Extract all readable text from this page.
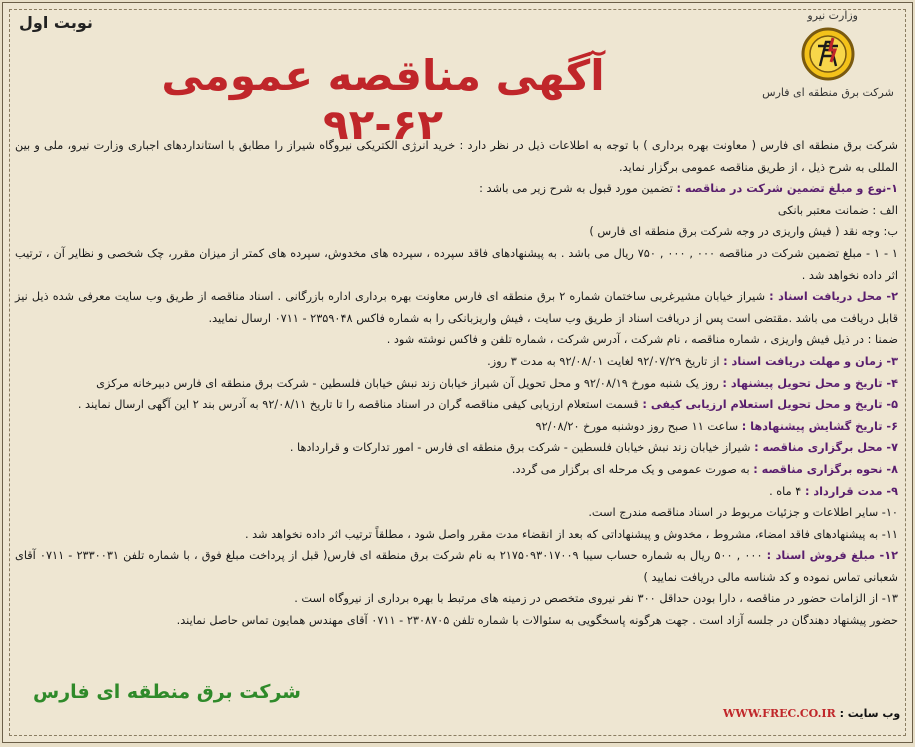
نوبت اول
آگهی مناقصه عمومی ۶۲-۹۲
وزارت نیرو
شرکت برق منطقه ای فارس

شرکت برق منطقه ای فارس ( معاونت بهره برداری ) با توجه به اطلاعات ذیل در نظر دارد : خرید انرژی الکتریکی نیروگاه شیراز را مطابق با استانداردهای اجباری وزارت نیرو، ملی و بین المللی به شرح ذیل ، از طریق مناقصه عمومی برگزار نماید.

۱-نوع و مبلغ تضمین شرکت در مناقصه : تضمین مورد قبول به شرح زیر می باشد :

الف : ضمانت معتبر بانکی

ب: وجه نقد ( فیش واریزی در وجه شرکت برق منطقه ای فارس )

۱ - ۱ - مبلغ تضمین شرکت در مناقصه ۰۰۰ , ۰۰۰ , ۷۵۰ ریال می باشد . به پیشنهادهای فاقد سپرده ، سپرده های مخدوش، سپرده های کمتر از میزان مقرر، چک شخصی و نظایر آن ، ترتیب اثر داده نخواهد شد .

۲- محل دریافت اسناد : شیراز خیابان مشیرغربی ساختمان شماره ۲ برق منطقه ای فارس معاونت بهره برداری اداره بازرگانی . اسناد مناقصه از طریق وب سایت معرفی شده ذیل نیز قابل دریافت می باشد .مقتضی است پس از دریافت اسناد از طریق وب سایت ، فیش واریزبانکی را به شماره فاکس ۲۳۵۹۰۴۸ - ۰۷۱۱ ارسال نمایید.

ضمنا : در ذیل فیش واریزی ، شماره مناقصه ، نام شرکت ، آدرس شرکت ، شماره تلفن و فاکس نوشته شود .

۳- زمان و مهلت دریافت اسناد : از تاریخ ۹۲/۰۷/۲۹ لغایت ۹۲/۰۸/۰۱ به مدت ۳ روز.

۴- تاریخ و محل تحویل پیشنهاد : روز یک شنبه مورخ ۹۲/۰۸/۱۹ و محل تحویل آن شیراز خیابان زند نبش خیابان فلسطین - شرکت برق منطقه ای فارس دبیرخانه مرکزی

۵- تاریخ و محل تحویل استعلام ارزیابی کیفی : قسمت استعلام ارزیابی کیفی مناقصه گران در اسناد مناقصه را تا تاریخ ۹۲/۰۸/۱۱ به آدرس بند ۲ این آگهی ارسال نمایند .

۶- تاریخ گشایش پیشنهادها : ساعت ۱۱ صبح روز دوشنبه مورخ ۹۲/۰۸/۲۰

۷- محل برگزاری مناقصه : شیراز خیابان زند نبش خیابان فلسطین - شرکت برق منطقه ای فارس - امور تدارکات و قراردادها .

۸- نحوه برگزاری مناقصه : به صورت عمومی و یک مرحله ای برگزار می گردد.

۹- مدت قرارداد : ۴ ماه .

۱۰- سایر اطلاعات و جزئیات مربوط در اسناد مناقصه مندرج است.

۱۱- به پیشنهادهای فاقد امضاء، مشروط ، مخدوش و پیشنهاداتی که بعد از انقضاء مدت مقرر واصل شود ، مطلقاً ترتیب اثر داده نخواهد شد .

۱۲- مبلغ فروش اسناد : ۰۰۰ , ۵۰۰ ریال به شماره حساب سیبا ۲۱۷۵۰۹۳۰۱۷۰۰۹ به نام شرکت برق منطقه ای فارس( قبل از پرداخت مبلغ فوق ، با شماره تلفن ۲۳۳۰۰۳۱ - ۰۷۱۱ آقای شعبانی تماس نموده و کد شناسه مالی دریافت نمایید )

۱۳- از الزامات حضور در مناقصه ، دارا بودن حداقل ۳۰۰ نفر نیروی متخصص در زمینه های مرتبط با بهره برداری از نیروگاه است .

حضور پیشنهاد دهندگان در جلسه آزاد است . جهت هرگونه پاسخگویی به سئوالات با شماره تلفن ۲۳۰۸۷۰۵ - ۰۷۱۱ آقای مهندس همایون تماس حاصل نمایند.

شرکت برق منطقه ای فارس
وب سایت : WWW.FREC.CO.IR
